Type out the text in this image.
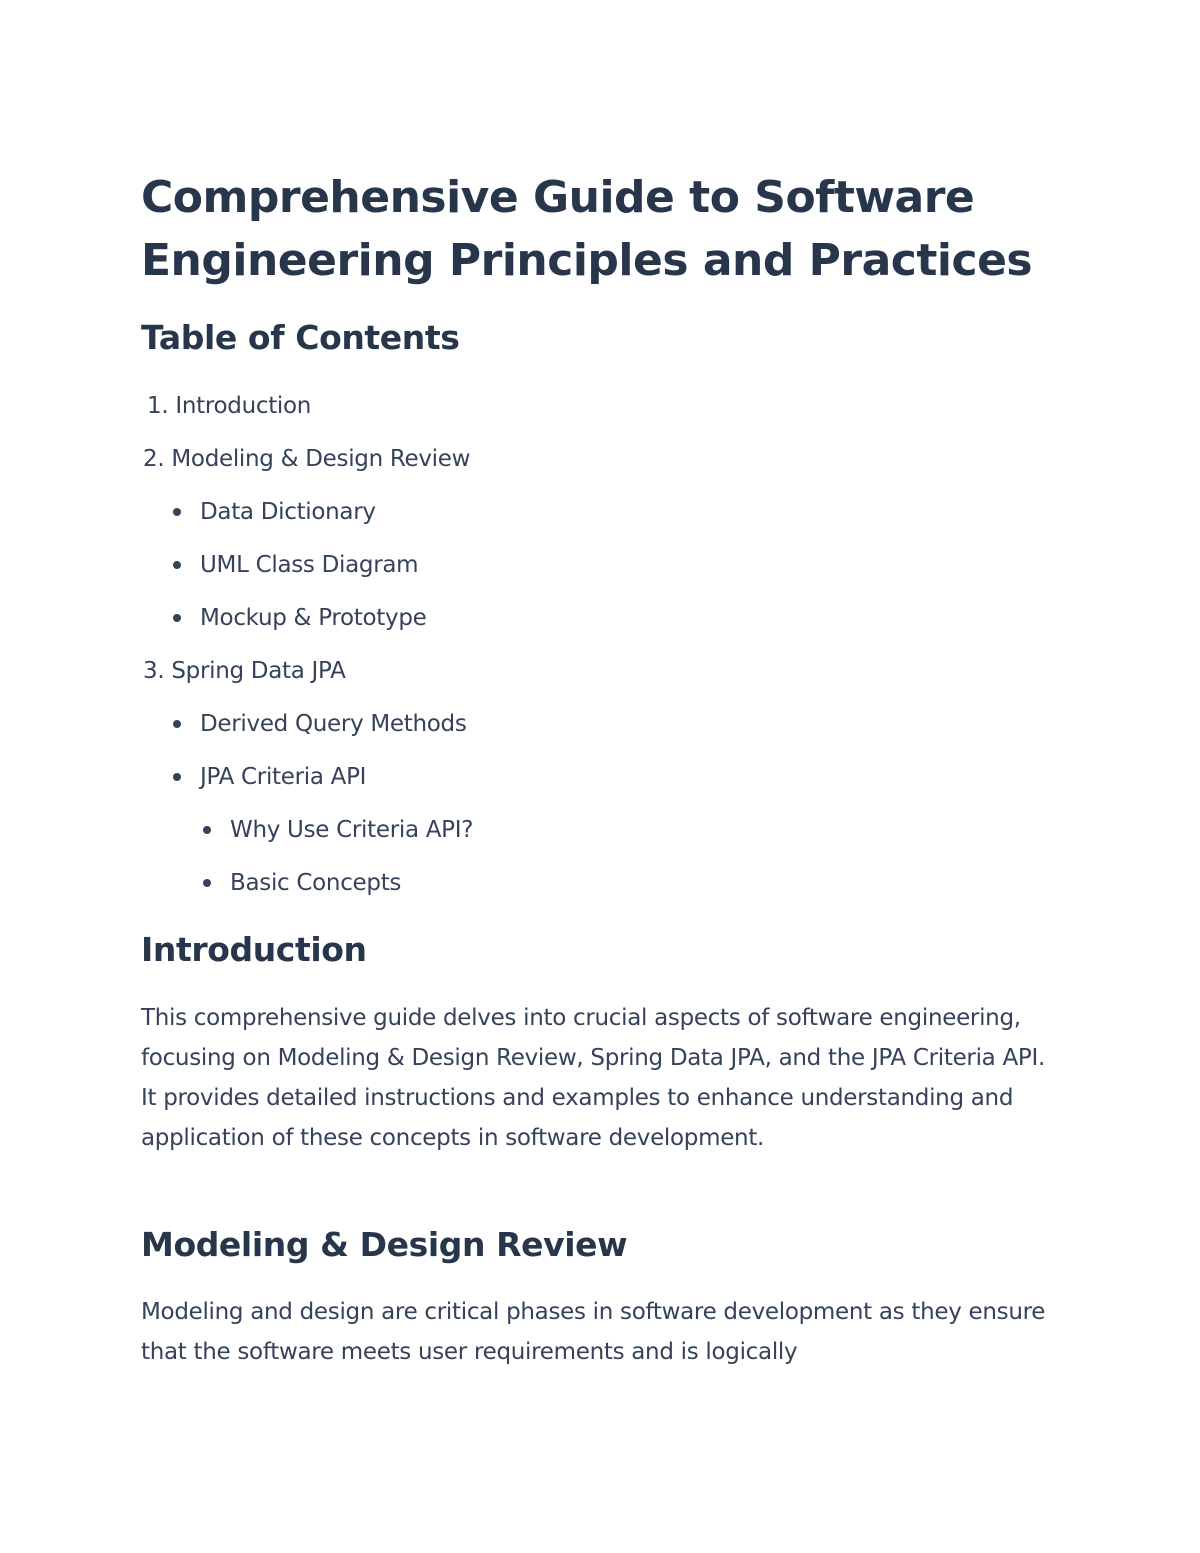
Comprehensive Guide to Software Engineering Principles and Practices
Table of Contents
1. Introduction
2. Modeling & Design Review
Data Dictionary
UML Class Diagram
Mockup & Prototype
3. Spring Data JPA
Derived Query Methods
JPA Criteria API
Why Use Criteria API?
Basic Concepts
Introduction

This comprehensive guide delves into crucial aspects of software engineering, focusing on Modeling & Design Review, Spring Data JPA, and the JPA Criteria API. It provides detailed instructions and examples to enhance understanding and application of these concepts in software development.

Modeling & Design Review

Modeling and design are critical phases in software development as they ensure that the software meets user requirements and is logically
